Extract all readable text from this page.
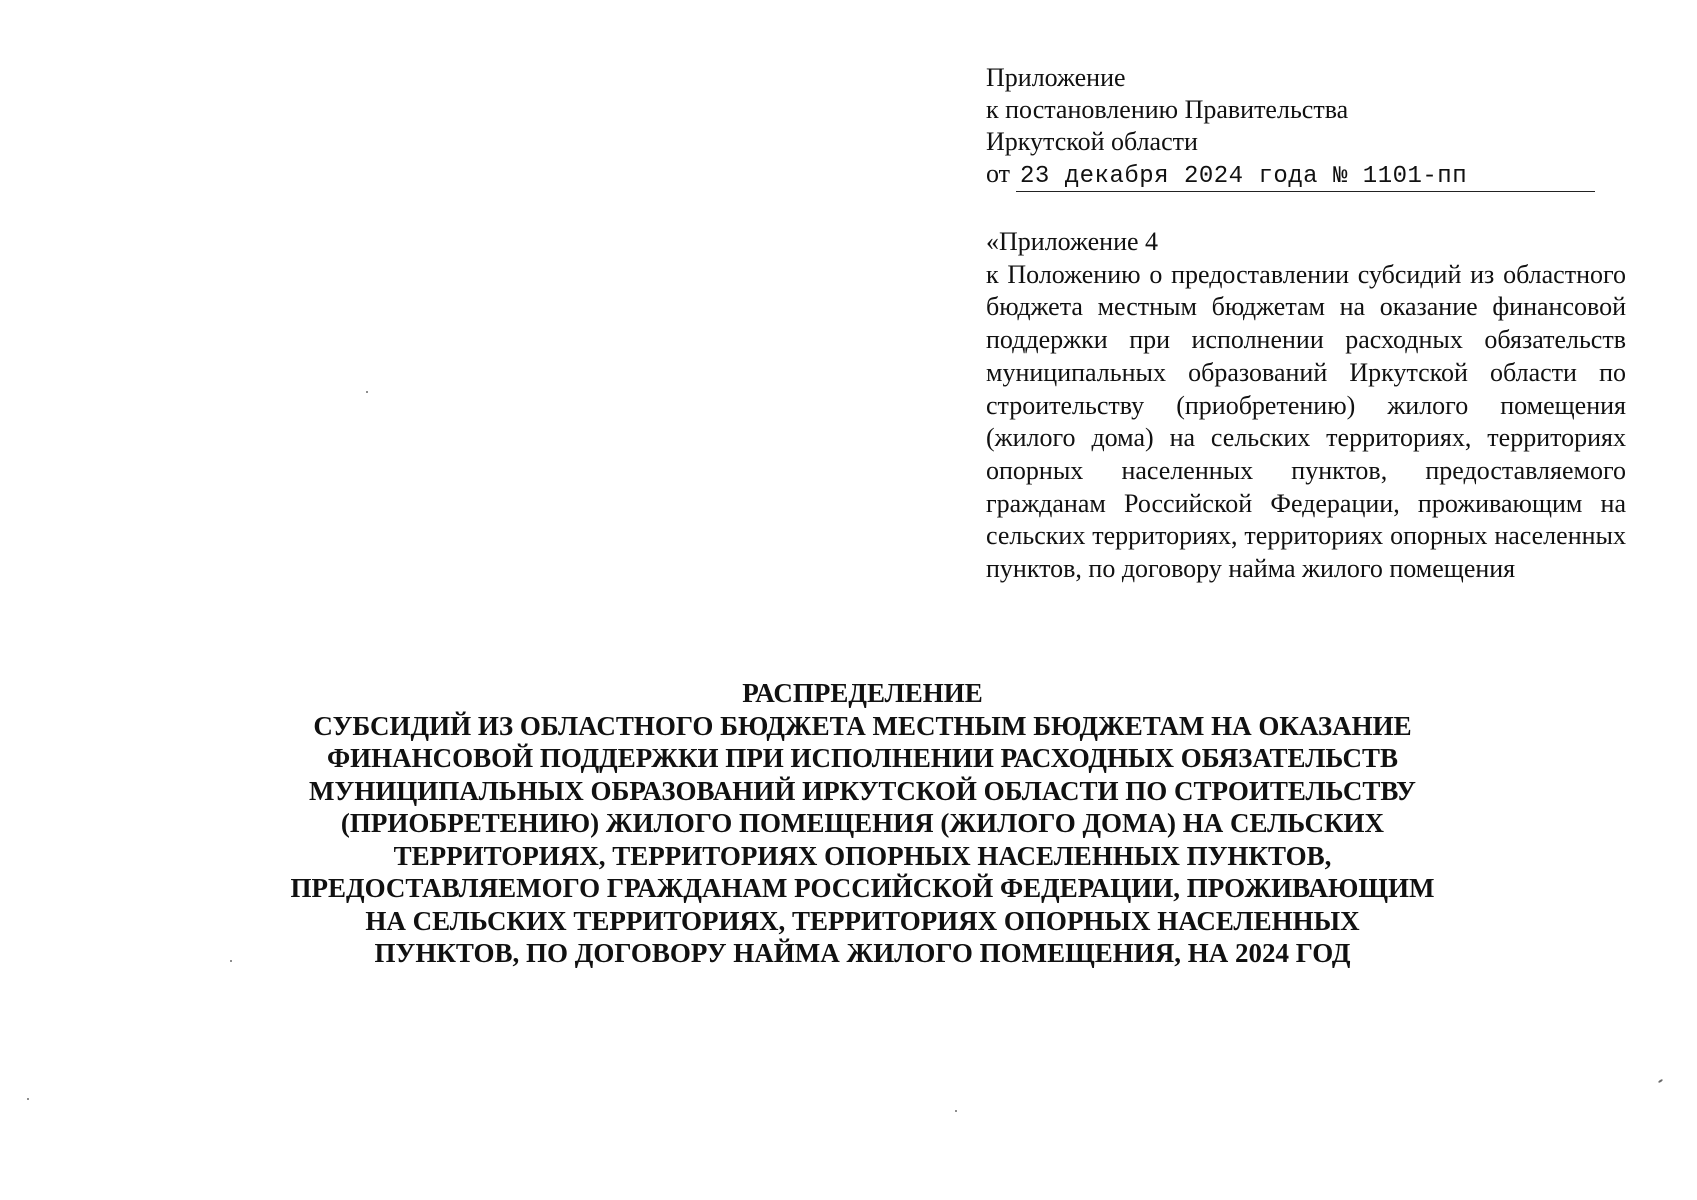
Приложение
к постановлению Правительства
Иркутской области
от 23 декабря 2024 года № 1101-пп
«Приложение 4

к Положению о предоставлении субсидий из областного бюджета местным бюджетам на оказание финансовой поддержки при исполнении расходных обязательств муниципальных образований Иркутской области по строительству (приобретению) жилого помещения (жилого дома) на сельских территориях, территориях опорных населенных пунктов, предоставляемого гражданам Российской Федерации, проживающим на сельских территориях, территориях опорных населенных пунктов, по договору найма жилого помещения

РАСПРЕДЕЛЕНИЕ
СУБСИДИЙ ИЗ ОБЛАСТНОГО БЮДЖЕТА МЕСТНЫМ БЮДЖЕТАМ НА ОКАЗАНИЕ
ФИНАНСОВОЙ ПОДДЕРЖКИ ПРИ ИСПОЛНЕНИИ РАСХОДНЫХ ОБЯЗАТЕЛЬСТВ
МУНИЦИПАЛЬНЫХ ОБРАЗОВАНИЙ ИРКУТСКОЙ ОБЛАСТИ ПО СТРОИТЕЛЬСТВУ
(ПРИОБРЕТЕНИЮ) ЖИЛОГО ПОМЕЩЕНИЯ (ЖИЛОГО ДОМА) НА СЕЛЬСКИХ
ТЕРРИТОРИЯХ, ТЕРРИТОРИЯХ ОПОРНЫХ НАСЕЛЕННЫХ ПУНКТОВ,
ПРЕДОСТАВЛЯЕМОГО ГРАЖДАНАМ РОССИЙСКОЙ ФЕДЕРАЦИИ, ПРОЖИВАЮЩИМ
НА СЕЛЬСКИХ ТЕРРИТОРИЯХ, ТЕРРИТОРИЯХ ОПОРНЫХ НАСЕЛЕННЫХ
ПУНКТОВ, ПО ДОГОВОРУ НАЙМА ЖИЛОГО ПОМЕЩЕНИЯ, НА 2024 ГОД
